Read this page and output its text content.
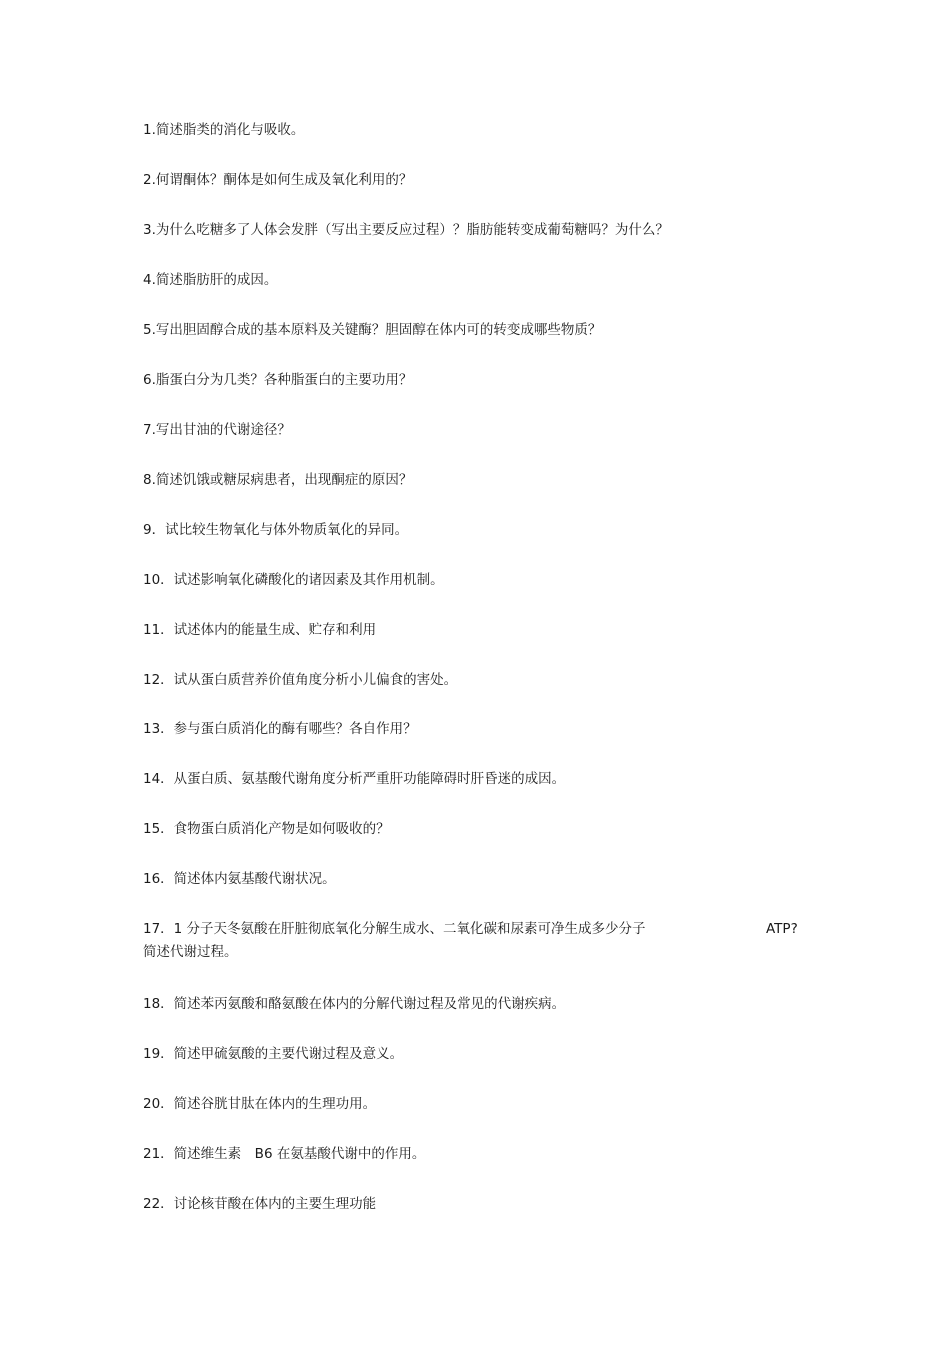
1.简述脂类的消化与吸收。
2.何谓酮体？酮体是如何生成及氧化利用的？
3.为什么吃糖多了人体会发胖（写出主要反应过程）？脂肪能转变成葡萄糖吗？为什么？
4.简述脂肪肝的成因。
5.写出胆固醇合成的基本原料及关键酶？胆固醇在体内可的转变成哪些物质？
6.脂蛋白分为几类？各种脂蛋白的主要功用？
7.写出甘油的代谢途径？
8.简述饥饿或糖尿病患者，出现酮症的原因？
9．试比较生物氧化与体外物质氧化的异同。
10．试述影响氧化磷酸化的诸因素及其作用机制。
11．试述体内的能量生成、贮存和利用
12．试从蛋白质营养价值角度分析小儿偏食的害处。
13．参与蛋白质消化的酶有哪些？各自作用？
14．从蛋白质、氨基酸代谢角度分析严重肝功能障碍时肝昏迷的成因。
15．食物蛋白质消化产物是如何吸收的？
16．简述体内氨基酸代谢状况。
17．1 分子天冬氨酸在肝脏彻底氧化分解生成水、二氧化碳和尿素可净生成多少分子	ATP?
简述代谢过程。
18．简述苯丙氨酸和酪氨酸在体内的分解代谢过程及常见的代谢疾病。
19．简述甲硫氨酸的主要代谢过程及意义。
20．简述谷胱甘肽在体内的生理功用。
21．简述维生素　B6 在氨基酸代谢中的作用。
22．讨论核苷酸在体内的主要生理功能
